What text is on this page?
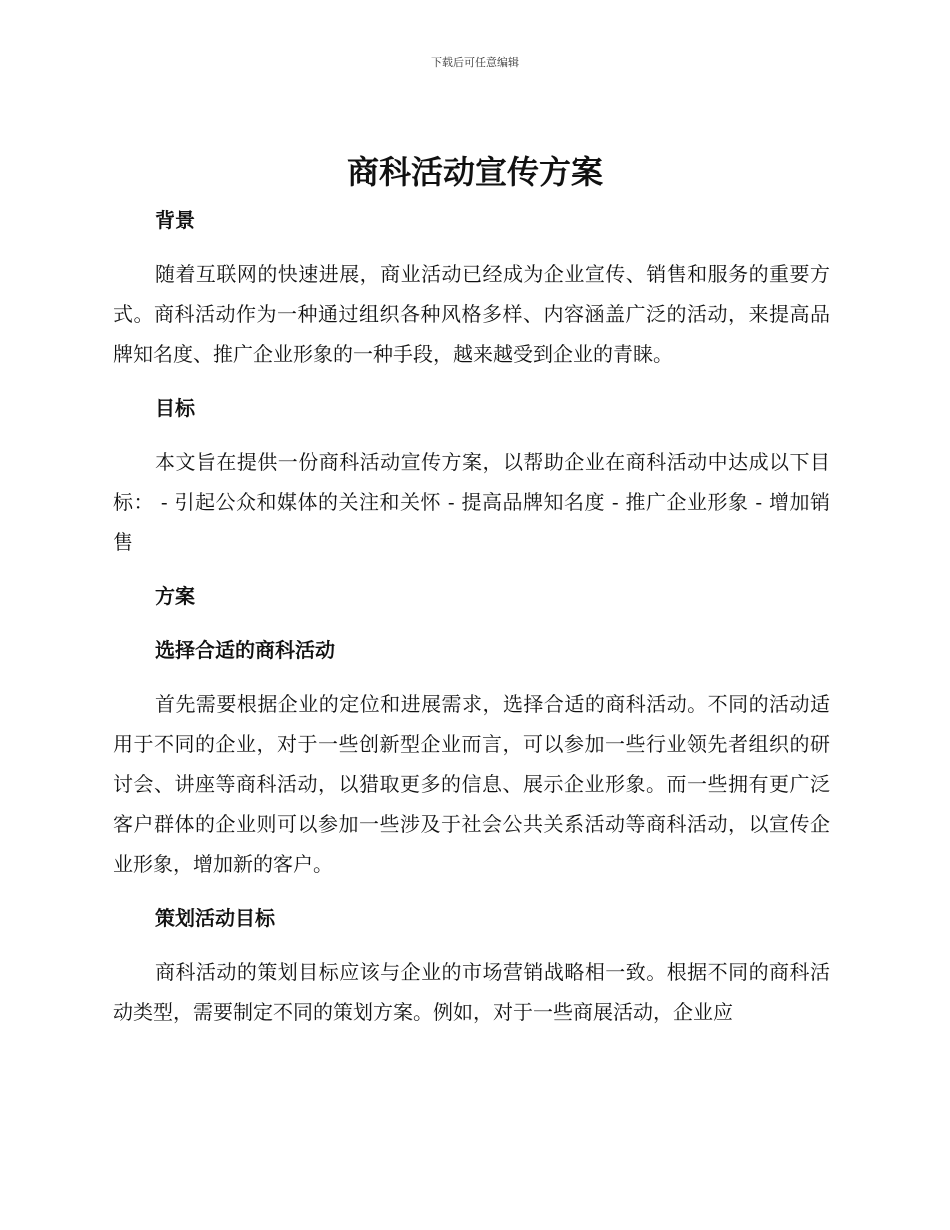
下载后可任意编辑
商科活动宣传方案
背景

随着互联网的快速进展，商业活动已经成为企业宣传、销售和服务的重要方式。商科活动作为一种通过组织各种风格多样、内容涵盖广泛的活动，来提高品牌知名度、推广企业形象的一种手段，越来越受到企业的青睐。

目标

本文旨在提供一份商科活动宣传方案，以帮助企业在商科活动中达成以下目标： - 引起公众和媒体的关注和关怀 - 提高品牌知名度 - 推广企业形象 - 增加销售

方案
选择合适的商科活动

首先需要根据企业的定位和进展需求，选择合适的商科活动。不同的活动适用于不同的企业，对于一些创新型企业而言，可以参加一些行业领先者组织的研讨会、讲座等商科活动，以猎取更多的信息、展示企业形象。而一些拥有更广泛客户群体的企业则可以参加一些涉及于社会公共关系活动等商科活动，以宣传企业形象，增加新的客户。

策划活动目标

商科活动的策划目标应该与企业的市场营销战略相一致。根据不同的商科活动类型，需要制定不同的策划方案。例如，对于一些商展活动，企业应
